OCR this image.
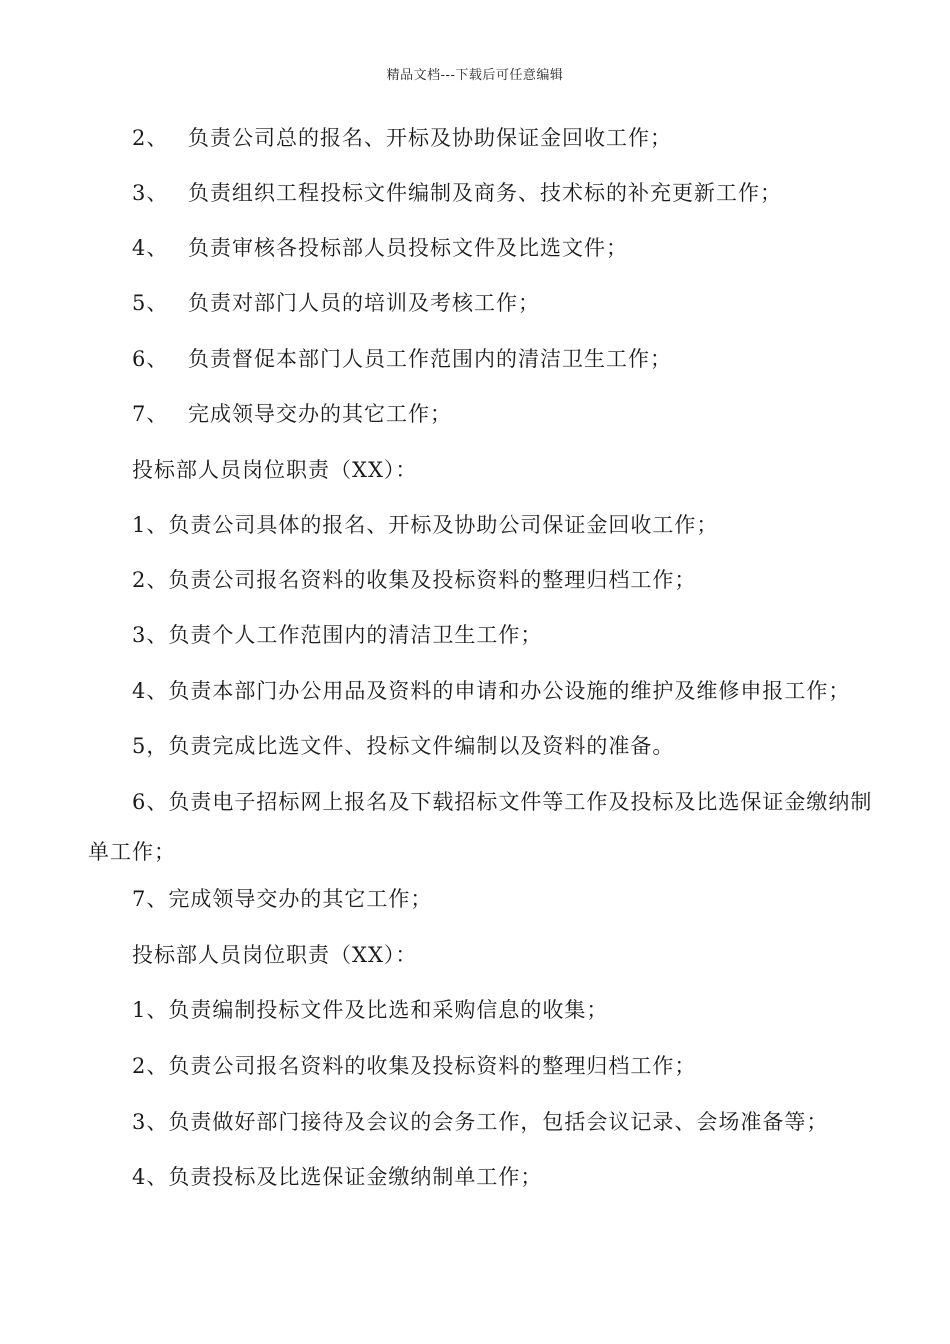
精品文档---下载后可任意编辑
2、 负责公司总的报名、开标及协助保证金回收工作；
3、 负责组织工程投标文件编制及商务、技术标的补充更新工作；
4、 负责审核各投标部人员投标文件及比选文件；
5、 负责对部门人员的培训及考核工作；
6、 负责督促本部门人员工作范围内的清洁卫生工作；
7、 完成领导交办的其它工作；
投标部人员岗位职责（XX）：
1、负责公司具体的报名、开标及协助公司保证金回收工作；
2、负责公司报名资料的收集及投标资料的整理归档工作；
3、负责个人工作范围内的清洁卫生工作；
4、负责本部门办公用品及资料的申请和办公设施的维护及维修申报工作；
5，负责完成比选文件、投标文件编制以及资料的准备。
6、负责电子招标网上报名及下载招标文件等工作及投标及比选保证金缴纳制单工作；
7、完成领导交办的其它工作；
投标部人员岗位职责（XX）：
1、负责编制投标文件及比选和采购信息的收集；
2、负责公司报名资料的收集及投标资料的整理归档工作；
3、负责做好部门接待及会议的会务工作，包括会议记录、会场准备等；
4、负责投标及比选保证金缴纳制单工作；
